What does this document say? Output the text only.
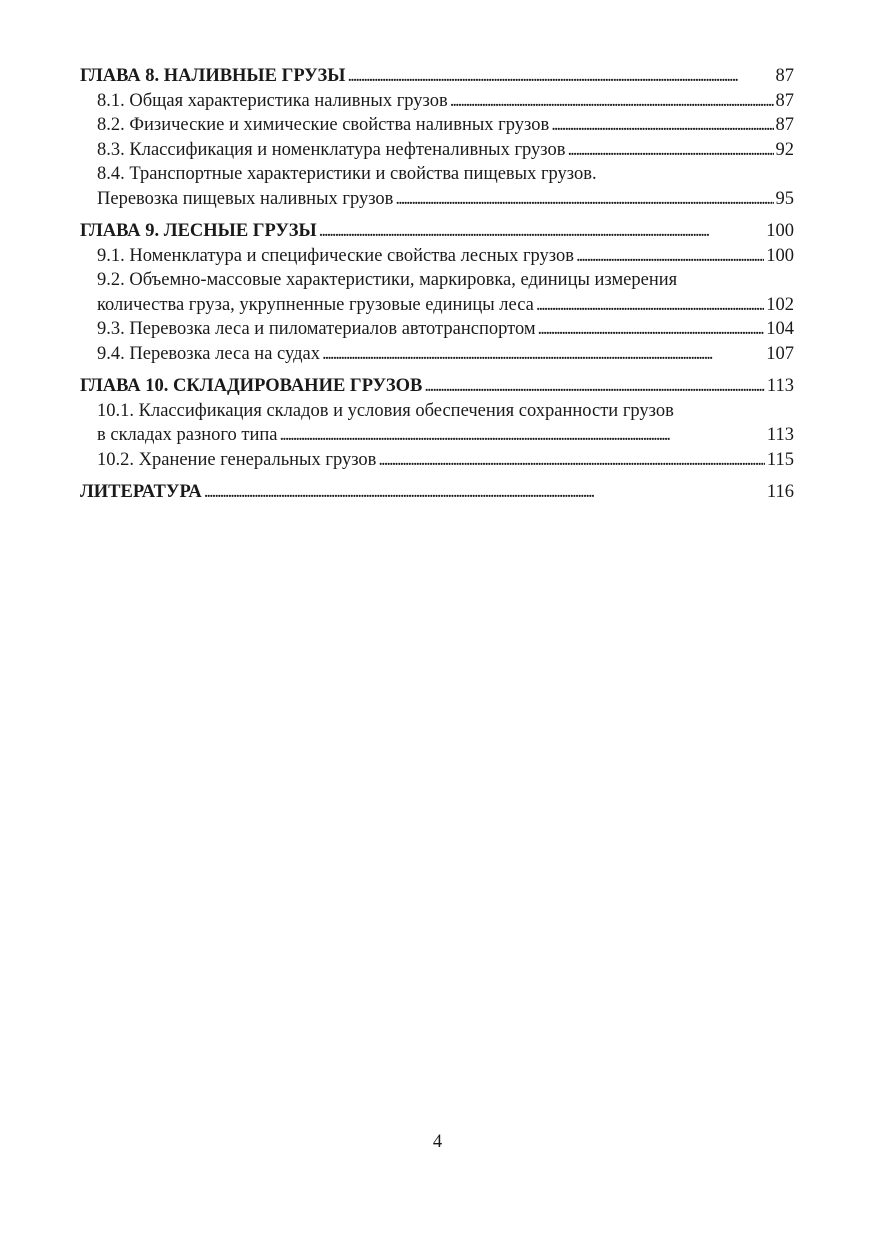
ГЛАВА 8. НАЛИВНЫЕ ГРУЗЫ . . .	87
8.1. Общая характеристика наливных грузов . . .	87
8.2. Физические и химические свойства наливных грузов . . .	87
8.3. Классификация и номенклатура нефтеналивных грузов . . .	92
8.4. Транспортные характеристики и свойства пищевых грузов.
Перевозка пищевых наливных грузов . . .	95
ГЛАВА 9. ЛЕСНЫЕ ГРУЗЫ . . .	100
9.1. Номенклатура и специфические свойства лесных грузов . . .	100
9.2. Объемно-массовые характеристики, маркировка, единицы измерения
количества груза, укрупненные грузовые единицы леса . . .	102
9.3. Перевозка леса и пиломатериалов автотранспортом . . .	104
9.4. Перевозка леса на судах . . .	107
ГЛАВА 10. СКЛАДИРОВАНИЕ ГРУЗОВ . . .	113
10.1. Классификация складов и условия обеспечения сохранности грузов
в складах разного типа . . .	113
10.2. Хранение генеральных грузов . . .	115
ЛИТЕРАТУРА . . .	116
4
